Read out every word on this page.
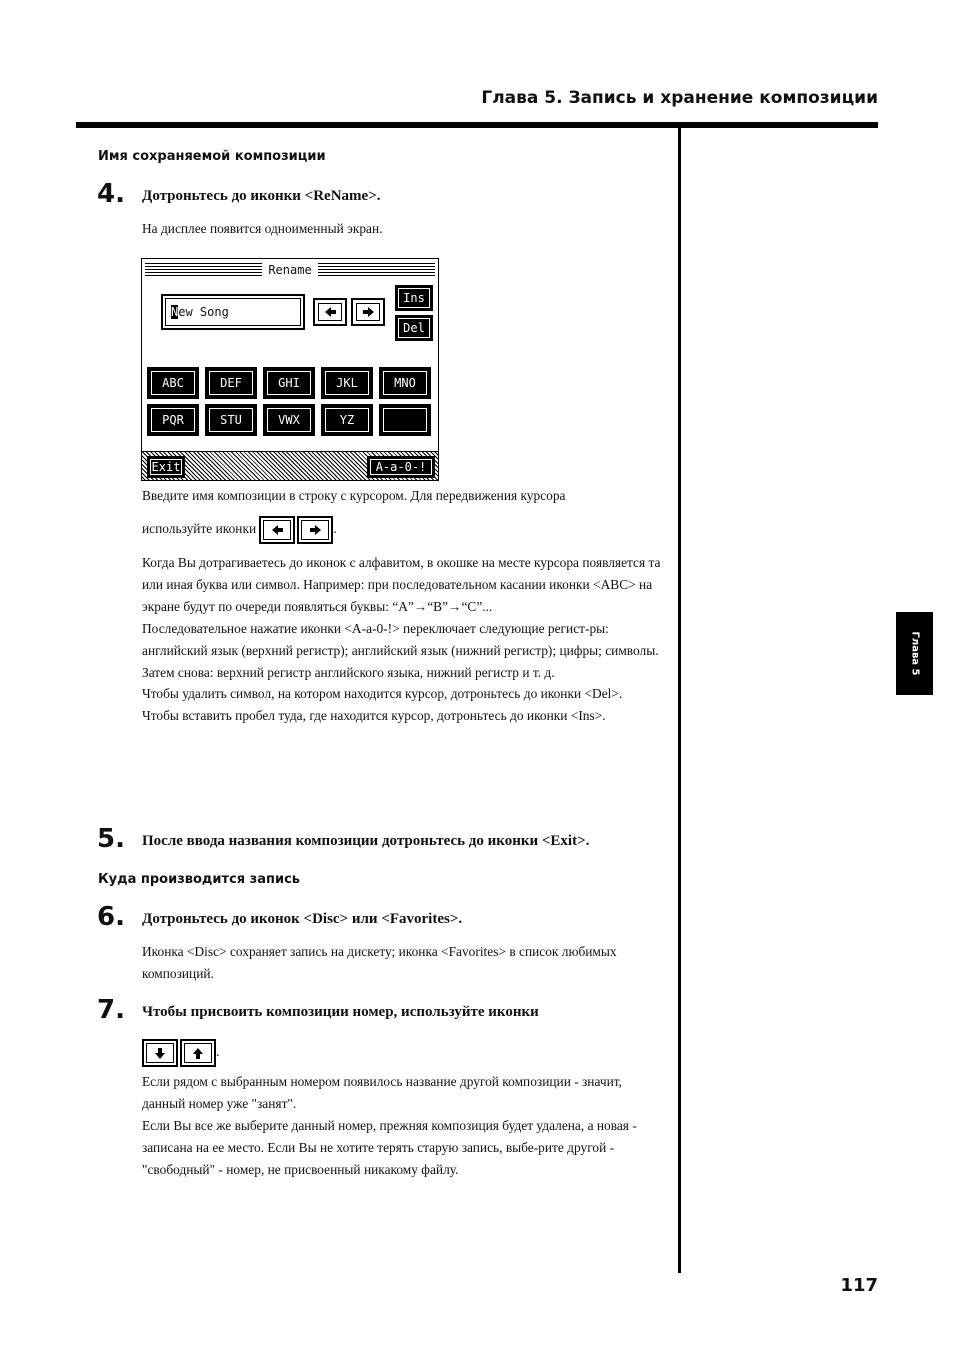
Глава 5. Запись и хранение композиции
Глава 5
Имя сохраняемой композиции
4. Дотроньтесь до иконки <ReName>.
На дисплее появится одноименный экран.
Rename
New Song
Ins
Del
ABC	DEF	GHI	JKL	MNO
PQR	STU	VWX	YZ
Exit	A-a-0-!
Введите имя композиции в строку с курсором. Для передвижения курсора
используйте иконки	.

Когда Вы дотрагиваетесь до иконок с алфавитом, в окошке на месте курсора появляется та или иная буква или символ. Например: при последовательном касании иконки <ABC> на экране будут по очереди появляться буквы: “A”→“B”→“C”...

Последовательное нажатие иконки <A-a-0-!> переключает следующие регист-ры: английский язык (верхний регистр); английский язык (нижний регистр); цифры; символы. Затем снова: верхний регистр английского языка, нижний регистр и т. д.

Чтобы удалить символ, на котором находится курсор, дотроньтесь до иконки <Del>.

Чтобы вставить пробел туда, где находится курсор, дотроньтесь до иконки <Ins>.

5. После ввода названия композиции дотроньтесь до иконки <Exit>.
Куда производится запись
6. Дотроньтесь до иконок <Disc> или <Favorites>.
Иконка <Disc> сохраняет запись на дискету; иконка <Favorites> в список любимых композиций.
7. Чтобы присвоить композиции номер, используйте иконки
.

Если рядом с выбранным номером появилось название другой композиции - значит, данный номер уже "занят".

Если Вы все же выберите данный номер, прежняя композиция будет удалена, а новая - записана на ее место. Если Вы не хотите терять старую запись, выбе-рите другой - "свободный" - номер, не присвоенный никакому файлу.

117
